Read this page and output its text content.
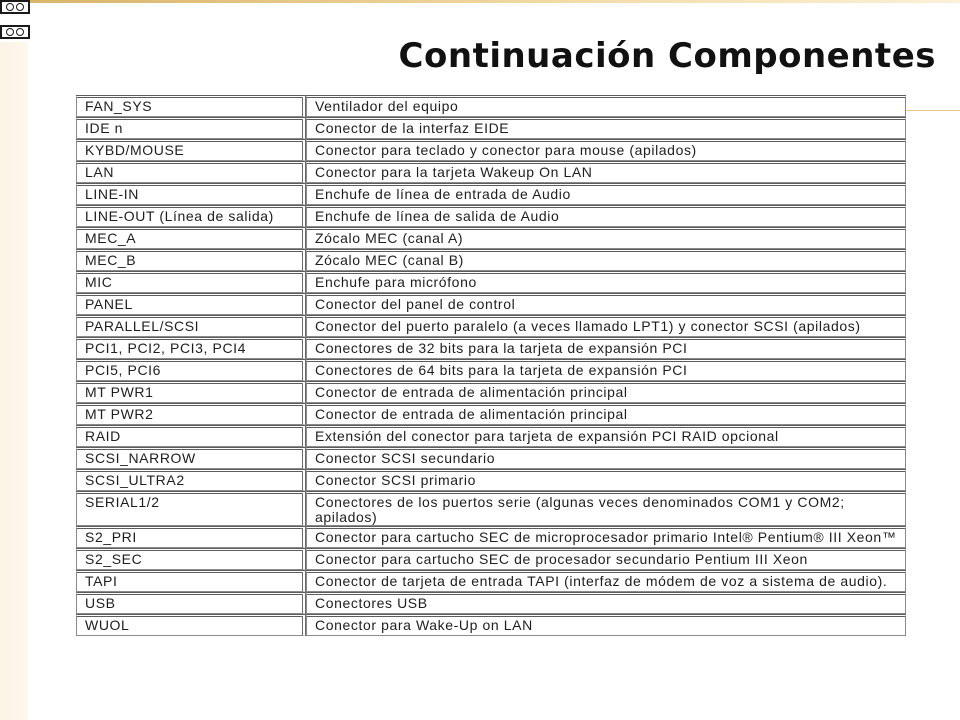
Continuación Componentes
FAN_SYS	Ventilador del equipo
IDE n	Conector de la interfaz EIDE
KYBD/MOUSE	Conector para teclado y conector para mouse (apilados)
LAN	Conector para la tarjeta Wakeup On LAN
LINE-IN	Enchufe de línea de entrada de Audio
LINE-OUT (Línea de salida)	Enchufe de línea de salida de Audio
MEC_A	Zócalo MEC (canal A)
MEC_B	Zócalo MEC (canal B)
MIC	Enchufe para micrófono
PANEL	Conector del panel de control
PARALLEL/SCSI	Conector del puerto paralelo (a veces llamado LPT1) y conector SCSI (apilados)
PCI1, PCI2, PCI3, PCI4	Conectores de 32 bits para la tarjeta de expansión PCI
PCI5, PCI6	Conectores de 64 bits para la tarjeta de expansión PCI
MT PWR1	Conector de entrada de alimentación principal
MT PWR2	Conector de entrada de alimentación principal
RAID	Extensión del conector para tarjeta de expansión PCI RAID opcional
SCSI_NARROW	Conector SCSI secundario
SCSI_ULTRA2	Conector SCSI primario
SERIAL1/2	Conectores de los puertos serie (algunas veces denominados COM1 y COM2; apilados)
S2_PRI	Conector para cartucho SEC de microprocesador primario Intel® Pentium® III Xeon™
S2_SEC	Conector para cartucho SEC de procesador secundario Pentium III Xeon
TAPI	Conector de tarjeta de entrada TAPI (interfaz de módem de voz a sistema de audio).
USB	Conectores USB
WUOL	Conector para Wake-Up on LAN
